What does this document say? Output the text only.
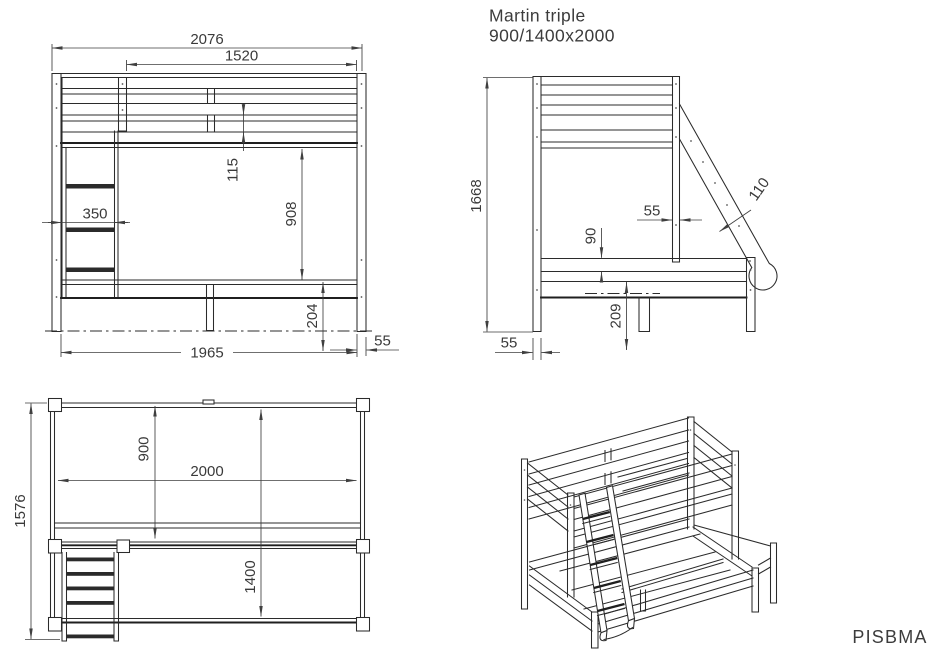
Martin triple
900/1400x2000
2076
1520
350
115
908
204
1965
55
1668	55
90
110
209
55
1576
900
2000
1400
PISBMA
